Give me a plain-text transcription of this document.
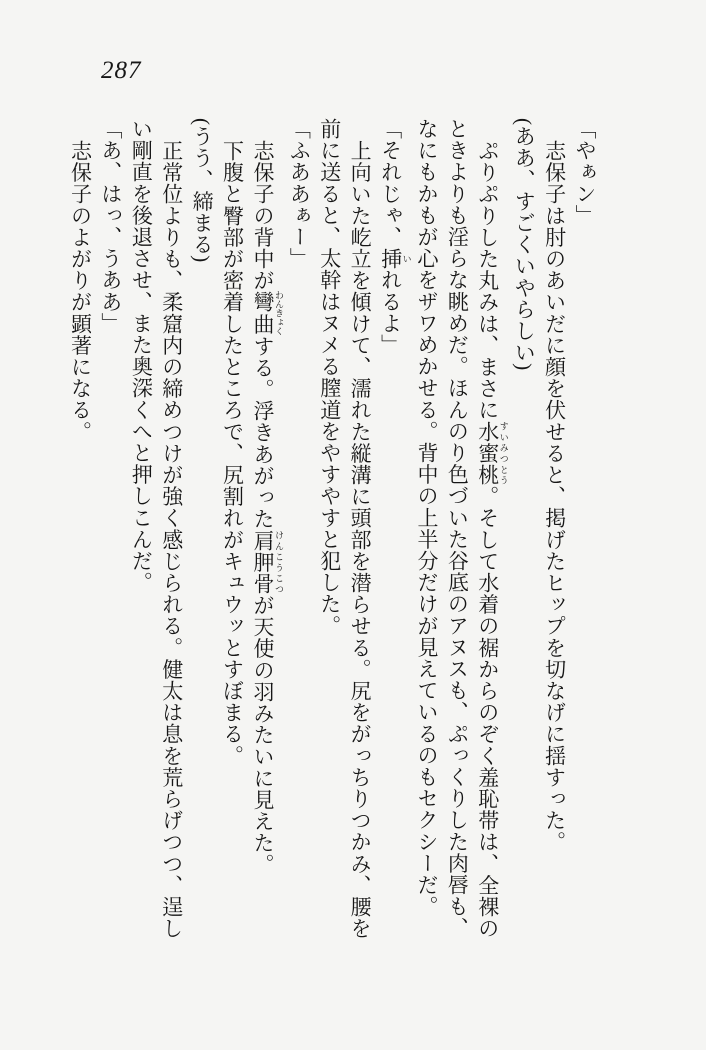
287

「やぁン」

志保子は肘のあいだに顔を伏せると、掲げたヒップを切なげに揺すった。

(ああ、すごくいやらしい)

ぷりぷりした丸みは、まさに水蜜桃 すいみつとう。そして水着の裾からのぞく羞恥帯は、全裸の

ときよりも淫らな眺めだ。ほんのり色づいた谷底のアヌスも、ぷっくりした肉唇も、

なにもかもが心をザワめかせる。背中の上半分だけが見えているのもセクシーだ。

「それじゃ、挿 いれるよ」

上向いた屹立を傾けて、濡れた縦溝に頭部を潜らせる。尻をがっちりつかみ、腰を

前に送ると、太幹はヌメる膣道をやすやすと犯した。

「ふああぁー」

志保子の背中が彎曲 わんきょくする。浮きあがった肩胛骨 けんこうこつが天使の羽みたいに見えた。

下腹と臀部が密着したところで、尻割れがキュウッとすぼまる。

(うう、締まる)

正常位よりも、柔窟内の締めつけが強く感じられる。健太は息を荒らげつつ、逞し

い剛直を後退させ、また奥深くへと押しこんだ。

「あ、はっ、うああ」

志保子のよがりが顕著になる。
